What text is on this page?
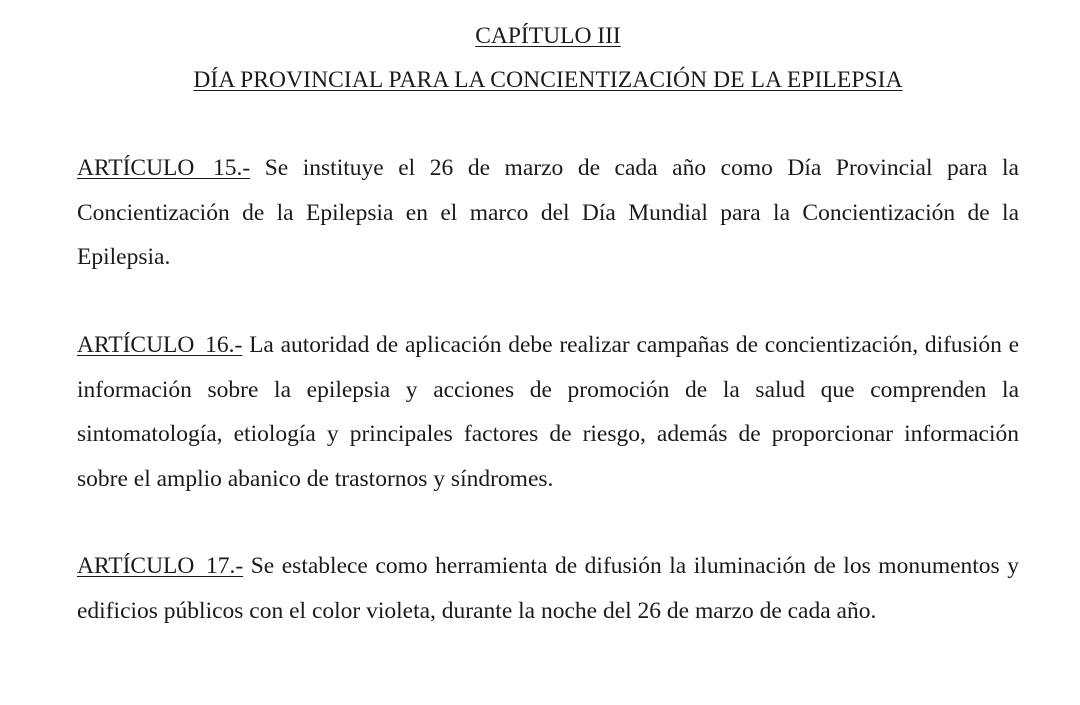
CAPÍTULO III
DÍA PROVINCIAL PARA LA CONCIENTIZACIÓN DE LA EPILEPSIA

ARTÍCULO 15.- Se instituye el 26 de marzo de cada año como Día Provincial para la Concientización de la Epilepsia en el marco del Día Mundial para la Concientización de la Epilepsia.

ARTÍCULO 16.- La autoridad de aplicación debe realizar campañas de concientización, difusión e información sobre la epilepsia y acciones de promoción de la salud que comprenden la sintomatología, etiología y principales factores de riesgo, además de proporcionar información sobre el amplio abanico de trastornos y síndromes.

ARTÍCULO 17.- Se establece como herramienta de difusión la iluminación de los monumentos y edificios públicos con el color violeta, durante la noche del 26 de marzo de cada año.
